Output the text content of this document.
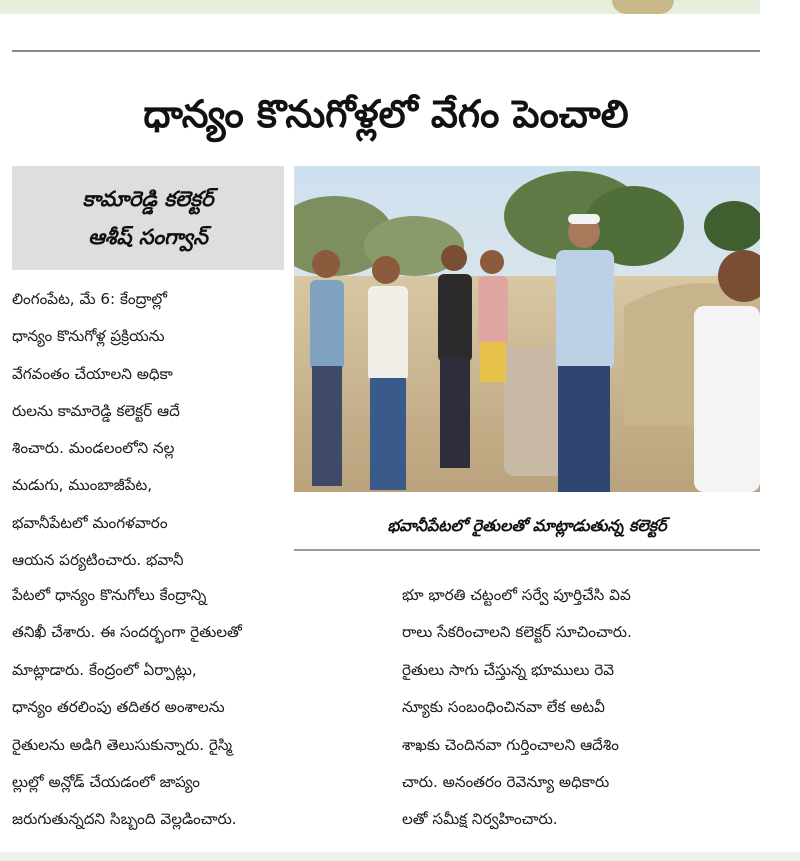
ధాన్యం కొనుగోళ్లలో వేగం పెంచాలి
కామారెడ్డి కలెక్టర్
ఆశీష్ సంగ్వాన్
భవానీపేటలో రైతులతో మాట్లాడుతున్న కలెక్టర్
లింగంపేట, మే 6: కేంద్రాల్లో
ధాన్యం కొనుగోళ్ల ప్రక్రియను
వేగవంతం చేయాలని అధికా
రులను కామారెడ్డి కలెక్టర్ ఆదే
శించారు. మండలంలోని నల్ల
మడుగు, ముంబాజీపేట,
భవానీపేటలో మంగళవారం
ఆయన పర్యటించారు. భవానీ
పేటలో ధాన్యం కొనుగోలు కేంద్రాన్ని
తనిఖీ చేశారు. ఈ సందర్భంగా రైతులతో
మాట్లాడారు. కేంద్రంలో ఏర్పాట్లు,
ధాన్యం తరలింపు తదితర అంశాలను
రైతులను అడిగి తెలుసుకున్నారు. రైస్మి
ల్లుల్లో అన్లోడ్ చేయడంలో జాప్యం
జరుగుతున్నదని సిబ్బంది వెల్లడించారు.
భూ భారతి చట్టంలో సర్వే పూర్తిచేసి వివ
రాలు సేకరించాలని కలెక్టర్ సూచించారు.
రైతులు సాగు చేస్తున్న భూములు రెవె
న్యూకు సంబంధించినవా లేక అటవీ
శాఖకు చెందినవా గుర్తించాలని ఆదేశిం
చారు. అనంతరం రెవెన్యూ అధికారు
లతో సమీక్ష నిర్వహించారు.
